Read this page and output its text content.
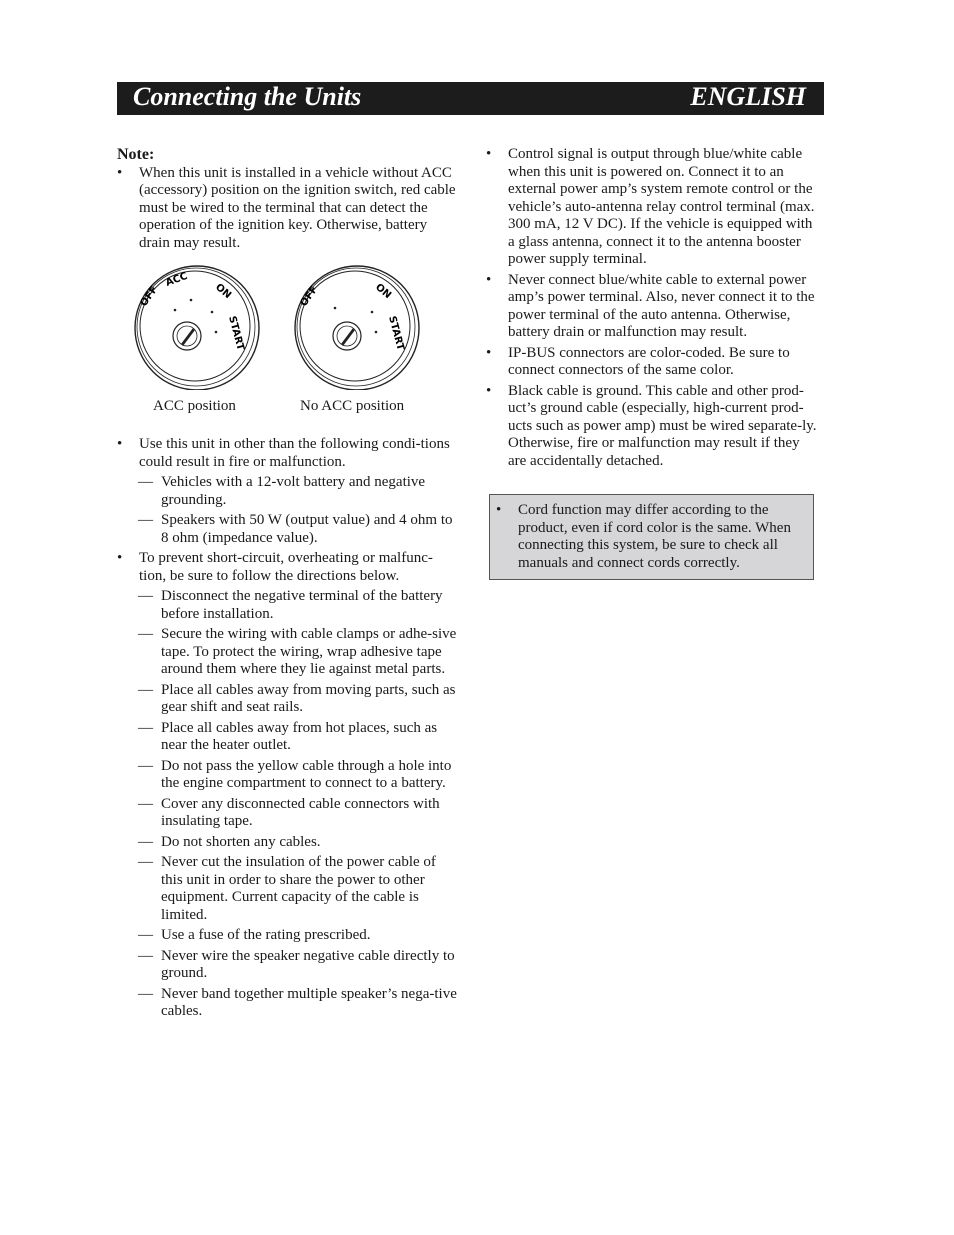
Connecting the Units	ENGLISH
Note:
• When this unit is installed in a vehicle without ACC (accessory) position on the ignition switch, red cable must be wired to the terminal that can detect the operation of the ignition key. Otherwise, battery drain may result.
OFF
ACC
ON
START
OFF	ON
START
ACC position	No ACC position
• Use this unit in other than the following condi-tions could result in fire or malfunction.
— Vehicles with a 12-volt battery and negative grounding.
— Speakers with 50 W (output value) and 4 ohm to 8 ohm (impedance value).
• To prevent short-circuit, overheating or malfunc-tion, be sure to follow the directions below.
— Disconnect the negative terminal of the battery before installation.
— Secure the wiring with cable clamps or adhe-sive tape. To protect the wiring, wrap adhesive tape around them where they lie against metal parts.
— Place all cables away from moving parts, such as gear shift and seat rails.
— Place all cables away from hot places, such as near the heater outlet.
— Do not pass the yellow cable through a hole into the engine compartment to connect to a battery.
— Cover any disconnected cable connectors with insulating tape.
— Do not shorten any cables.
— Never cut the insulation of the power cable of this unit in order to share the power to other equipment. Current capacity of the cable is limited.
— Use a fuse of the rating prescribed.
— Never wire the speaker negative cable directly to ground.
— Never band together multiple speaker’s nega-tive cables.
• Control signal is output through blue/white cable when this unit is powered on. Connect it to an external power amp’s system remote control or the vehicle’s auto-antenna relay control terminal (max. 300 mA, 12 V DC). If the vehicle is equipped with a glass antenna, connect it to the antenna booster power supply terminal.
• Never connect blue/white cable to external power amp’s power terminal. Also, never connect it to the power terminal of the auto antenna. Otherwise, battery drain or malfunction may result.
• IP-BUS connectors are color-coded. Be sure to connect connectors of the same color.
• Black cable is ground. This cable and other prod-uct’s ground cable (especially, high-current prod-ucts such as power amp) must be wired separate-ly. Otherwise, fire or malfunction may result if they are accidentally detached.
• Cord function may differ according to the product, even if cord color is the same. When connecting this system, be sure to check all manuals and connect cords correctly.
